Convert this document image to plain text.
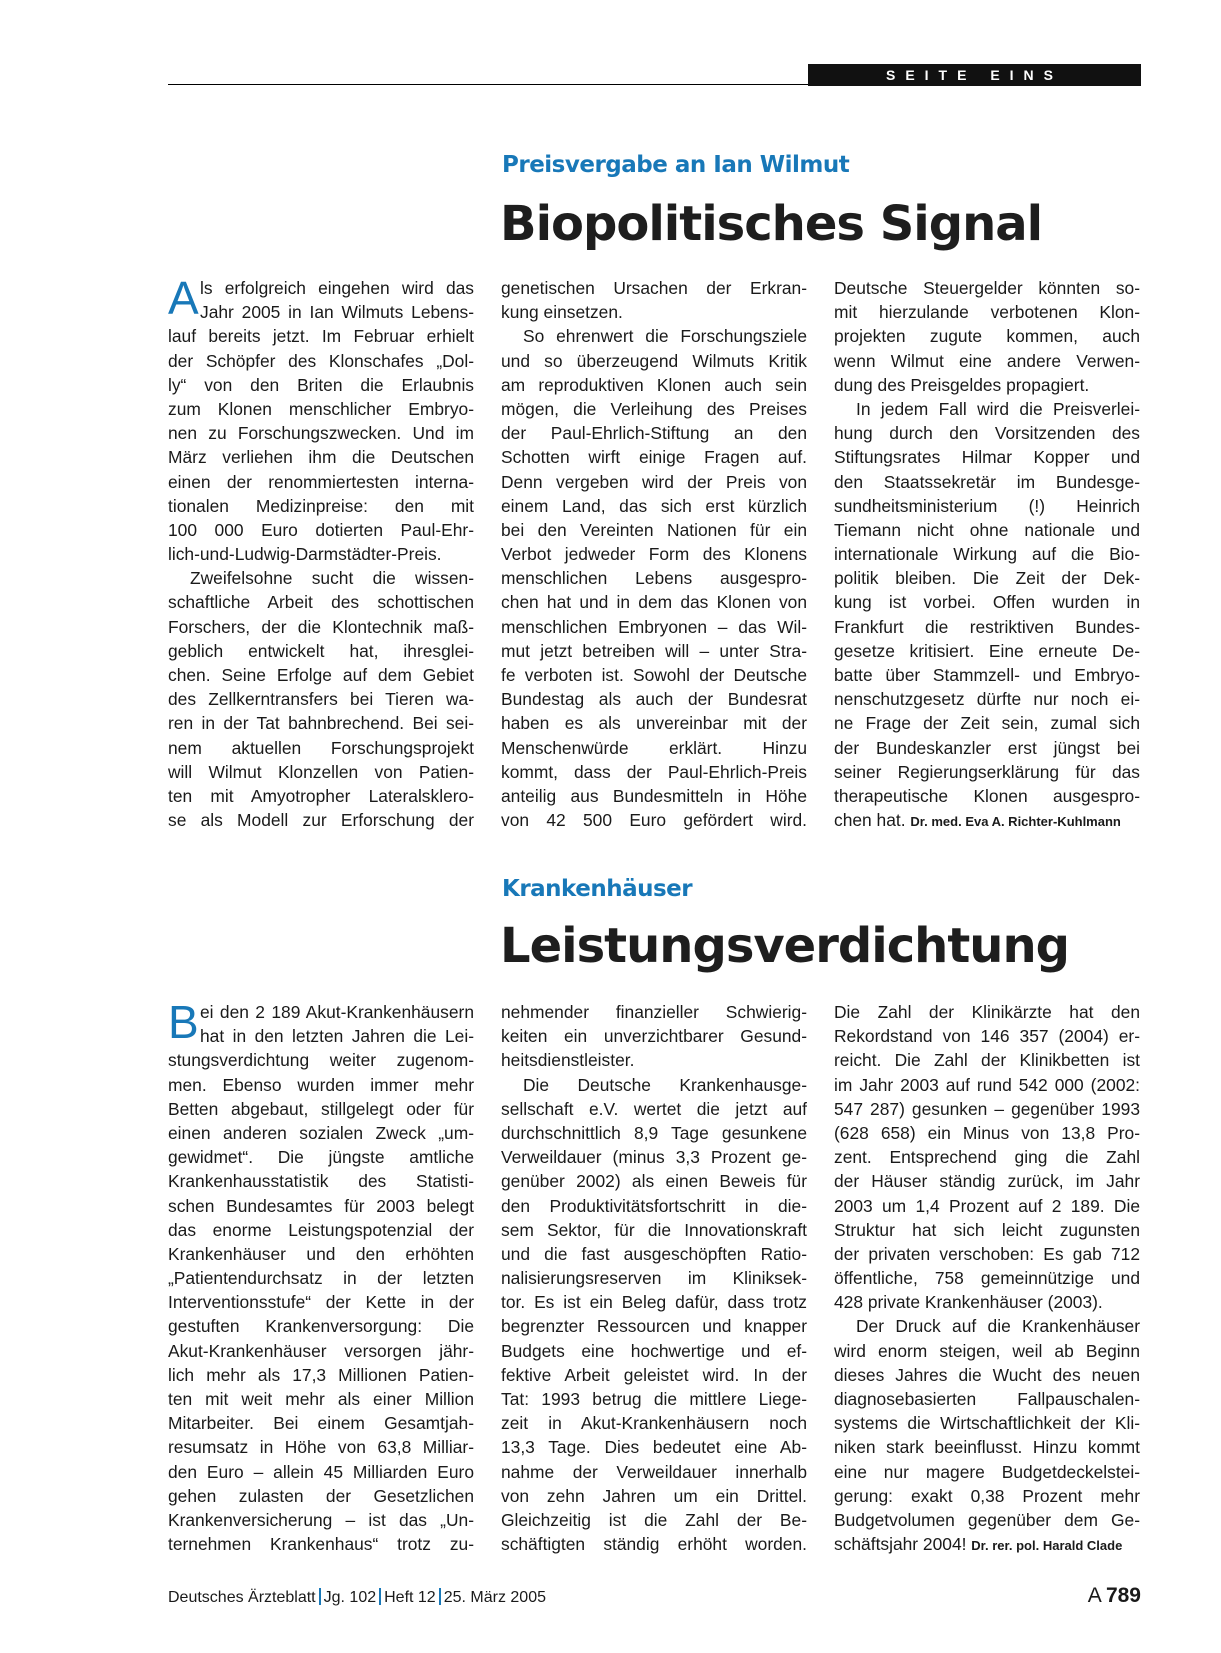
SEITE EINS
Preisvergabe an Ian Wilmut
Biopolitisches Signal
A ls erfolgreich eingehen wird das
Jahr 2005 in Ian Wilmuts Lebens-
lauf bereits jetzt. Im Februar erhielt
der Schöpfer des Klonschafes „Dol-
ly“ von den Briten die Erlaubnis
zum Klonen menschlicher Embryo-
nen zu Forschungszwecken. Und im
März verliehen ihm die Deutschen
einen der renommiertesten interna-
tionalen Medizinpreise: den mit
100 000 Euro dotierten Paul-Ehr-
lich-und-Ludwig-Darmstädter-Preis.
Zweifelsohne sucht die wissen-
schaftliche Arbeit des schottischen
Forschers, der die Klontechnik maß-
geblich entwickelt hat, ihresglei-
chen. Seine Erfolge auf dem Gebiet
des Zellkerntransfers bei Tieren wa-
ren in der Tat bahnbrechend. Bei sei-
nem aktuellen Forschungsprojekt
will Wilmut Klonzellen von Patien-
ten mit Amyotropher Lateralsklero-
se als Modell zur Erforschung der
genetischen Ursachen der Erkran-
kung einsetzen.
So ehrenwert die Forschungsziele
und so überzeugend Wilmuts Kritik
am reproduktiven Klonen auch sein
mögen, die Verleihung des Preises
der Paul-Ehrlich-Stiftung an den
Schotten wirft einige Fragen auf.
Denn vergeben wird der Preis von
einem Land, das sich erst kürzlich
bei den Vereinten Nationen für ein
Verbot jedweder Form des Klonens
menschlichen Lebens ausgespro-
chen hat und in dem das Klonen von
menschlichen Embryonen – das Wil-
mut jetzt betreiben will – unter Stra-
fe verboten ist. Sowohl der Deutsche
Bundestag als auch der Bundesrat
haben es als unvereinbar mit der
Menschenwürde erklärt. Hinzu
kommt, dass der Paul-Ehrlich-Preis
anteilig aus Bundesmitteln in Höhe
von 42 500 Euro gefördert wird.
Deutsche Steuergelder könnten so-
mit hierzulande verbotenen Klon-
projekten zugute kommen, auch
wenn Wilmut eine andere Verwen-
dung des Preisgeldes propagiert.
In jedem Fall wird die Preisverlei-
hung durch den Vorsitzenden des
Stiftungsrates Hilmar Kopper und
den Staatssekretär im Bundesge-
sundheitsministerium (!) Heinrich
Tiemann nicht ohne nationale und
internationale Wirkung auf die Bio-
politik bleiben. Die Zeit der Dek-
kung ist vorbei. Offen wurden in
Frankfurt die restriktiven Bundes-
gesetze kritisiert. Eine erneute De-
batte über Stammzell- und Embryo-
nenschutzgesetz dürfte nur noch ei-
ne Frage der Zeit sein, zumal sich
der Bundeskanzler erst jüngst bei
seiner Regierungserklärung für das
therapeutische Klonen ausgespro-
chen hat. Dr. med. Eva A. Richter-Kuhlmann
Krankenhäuser
Leistungsverdichtung
B ei den 2 189 Akut-Krankenhäusern
hat in den letzten Jahren die Lei-
stungsverdichtung weiter zugenom-
men. Ebenso wurden immer mehr
Betten abgebaut, stillgelegt oder für
einen anderen sozialen Zweck „um-
gewidmet“. Die jüngste amtliche
Krankenhausstatistik des Statisti-
schen Bundesamtes für 2003 belegt
das enorme Leistungspotenzial der
Krankenhäuser und den erhöhten
„Patientendurchsatz in der letzten
Interventionsstufe“ der Kette in der
gestuften Krankenversorgung: Die
Akut-Krankenhäuser versorgen jähr-
lich mehr als 17,3 Millionen Patien-
ten mit weit mehr als einer Million
Mitarbeiter. Bei einem Gesamtjah-
resumsatz in Höhe von 63,8 Milliar-
den Euro – allein 45 Milliarden Euro
gehen zulasten der Gesetzlichen
Krankenversicherung – ist das „Un-
ternehmen Krankenhaus“ trotz zu-
nehmender finanzieller Schwierig-
keiten ein unverzichtbarer Gesund-
heitsdienstleister.
Die Deutsche Krankenhausge-
sellschaft e.V. wertet die jetzt auf
durchschnittlich 8,9 Tage gesunkene
Verweildauer (minus 3,3 Prozent ge-
genüber 2002) als einen Beweis für
den Produktivitätsfortschritt in die-
sem Sektor, für die Innovationskraft
und die fast ausgeschöpften Ratio-
nalisierungsreserven im Kliniksek-
tor. Es ist ein Beleg dafür, dass trotz
begrenzter Ressourcen und knapper
Budgets eine hochwertige und ef-
fektive Arbeit geleistet wird. In der
Tat: 1993 betrug die mittlere Liege-
zeit in Akut-Krankenhäusern noch
13,3 Tage. Dies bedeutet eine Ab-
nahme der Verweildauer innerhalb
von zehn Jahren um ein Drittel.
Gleichzeitig ist die Zahl der Be-
schäftigten ständig erhöht worden.
Die Zahl der Klinikärzte hat den
Rekordstand von 146 357 (2004) er-
reicht. Die Zahl der Klinikbetten ist
im Jahr 2003 auf rund 542 000 (2002:
547 287) gesunken – gegenüber 1993
(628 658) ein Minus von 13,8 Pro-
zent. Entsprechend ging die Zahl
der Häuser ständig zurück, im Jahr
2003 um 1,4 Prozent auf 2 189. Die
Struktur hat sich leicht zugunsten
der privaten verschoben: Es gab 712
öffentliche, 758 gemeinnützige und
428 private Krankenhäuser (2003).
Der Druck auf die Krankenhäuser
wird enorm steigen, weil ab Beginn
dieses Jahres die Wucht des neuen
diagnosebasierten Fallpauschalen-
systems die Wirtschaftlichkeit der Kli-
niken stark beeinflusst. Hinzu kommt
eine nur magere Budgetdeckelstei-
gerung: exakt 0,38 Prozent mehr
Budgetvolumen gegenüber dem Ge-
schäftsjahr 2004! Dr. rer. pol. Harald Clade
Deutsches Ärzteblatt Jg. 102 Heft 12 25. März 2005	A  789
